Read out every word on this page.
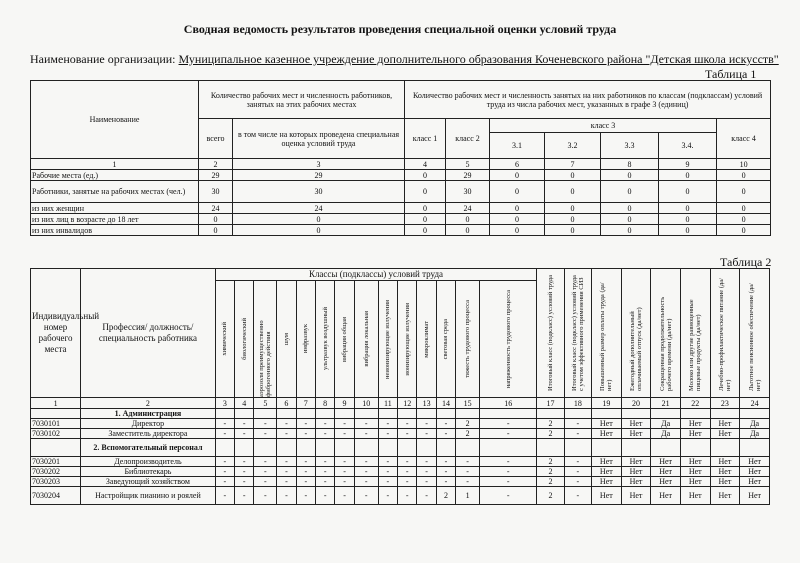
Сводная ведомость результатов проведения специальной оценки условий труда
Наименование организации: Муниципальное казенное учреждение дополнительного образования Коченевского района "Детская школа искусств"
Таблица 1
Наименование	Количество рабочих мест и численность работников, занятых на этих рабочих местах		Количество рабочих мест и численность занятых на них работников по классам (подклассам) условий труда из числа рабочих мест, указанных в графе 3 (единиц)						
	всего	в том числе на которых проведена специальная оценка условий труда	класс 1	класс 2	класс 3				класс 4
					3.1	3.2	3.3	3.4.	
1	2	3	4	5	6	7	8	9	10
Рабочие места (ед.)	29	29	0	29	0	0	0	0	0
Работники, занятые на рабочих местах (чел.)	30	30	0	30	0	0	0	0	0
из них женщин	24	24	0	24	0	0	0	0	0
из них лиц в возрасте до 18 лет	0	0	0	0	0	0	0	0	0
из них инвалидов	0	0	0	0	0	0	0	0	0
Таблица 2
Индивидуальный номер рабочего места	Профессия/ должность/ специальность работника	Классы (подклассы) условий труда														Итоговый класс (подкласс) условий труда	Итоговый класс (подкласс) условий труда с учетом эффективного применения СИЗ	Повышенный размер оплаты труда (да/нет)	Ежегодный дополнительный оплачиваемый отпуск (да/нет)	Сокращенная продолжительность рабочего времени (да/нет)	Молоко или другие равноценные пищевые продукты (да/нет)	Лечебно-профилактическое питание (да/нет)	Льготное пенсионное обеспечение (да/нет)

		химический	биологический	аэрозоли преимущественно фиброгенного действия	шум	инфразвук	ультразвук воздушный	вибрация общая	вибрация локальная	неионизирующие излучения	ионизирующие излучения	микроклимат	световая среда	тяжесть трудового процесса	напряженность трудового процесса								

1	2	3	4	5	6	7	8	9	10	11	12	13	14	15	16	17	18	19	20	21	22	23	24
	1. Администрация																						
7030101	Директор	-	-	-	-	-	-	-	-	-	-	-	-	2	-	2	-	Нет	Нет	Да	Нет	Нет	Да
7030102	Заместитель директора	-	-	-	-	-	-	-	-	-	-	-	-	2	-	2	-	Нет	Нет	Да	Нет	Нет	Да
	2. Вспомогательный персонал																						
7030201	Делопроизводитель	-	-	-	-	-	-	-	-	-	-	-	-	-	-	2	-	Нет	Нет	Нет	Нет	Нет	Нет
7030202	Библиотекарь	-	-	-	-	-	-	-	-	-	-	-	-	-	-	2	-	Нет	Нет	Нет	Нет	Нет	Нет
7030203	Заведующий хозяйством	-	-	-	-	-	-	-	-	-	-	-	-	-	-	2	-	Нет	Нет	Нет	Нет	Нет	Нет
7030204	Настройщик пианино и роялей	-	-	-	-	-	-	-	-	-	-	-	2	1	-	2	-	Нет	Нет	Нет	Нет	Нет	Нет
